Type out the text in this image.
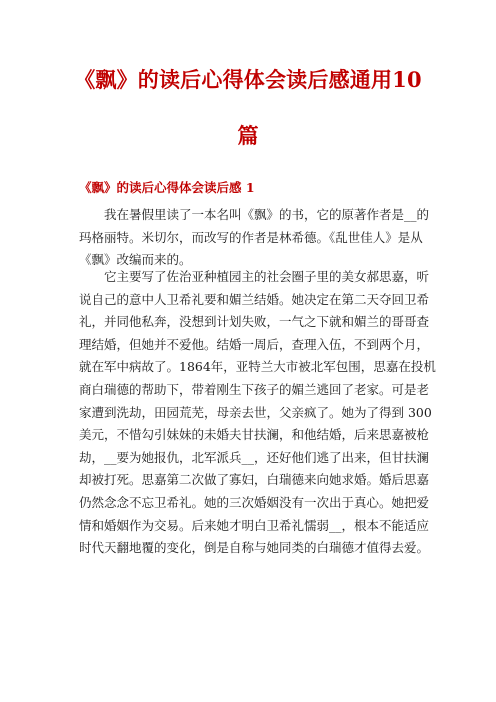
《飘》的读后心得体会读后感通用10
篇
《飘》的读后心得体会读后感 1
我在暑假里读了一本名叫《飘》的书，它的原著作者是__的
玛格丽特。米切尔，而改写的作者是林希德。《乱世佳人》是从
《飘》改编而来的。
它主要写了佐治亚种植园主的社会圈子里的美女郝思嘉，听
说自己的意中人卫希礼要和媚兰结婚。她决定在第二天夺回卫希
礼，并同他私奔，没想到计划失败，一气之下就和媚兰的哥哥查
理结婚，但她并不爱他。结婚一周后，查理入伍，不到两个月，
就在军中病故了。1864年，亚特兰大市被北军包围，思嘉在投机
商白瑞德的帮助下，带着刚生下孩子的媚兰逃回了老家。可是老
家遭到洗劫，田园荒芜，母亲去世，父亲疯了。她为了得到 300
美元，不惜勾引妹妹的未婚夫甘扶澜，和他结婚，后来思嘉被枪
劫，__要为她报仇，北军派兵__，还好他们逃了出来，但甘扶澜
却被打死。思嘉第二次做了寡妇，白瑞德来向她求婚。婚后思嘉
仍然念念不忘卫希礼。她的三次婚姻没有一次出于真心。她把爱
情和婚姻作为交易。后来她才明白卫希礼懦弱__，根本不能适应
时代天翻地覆的变化，倒是自称与她同类的白瑞德才值得去爱。
